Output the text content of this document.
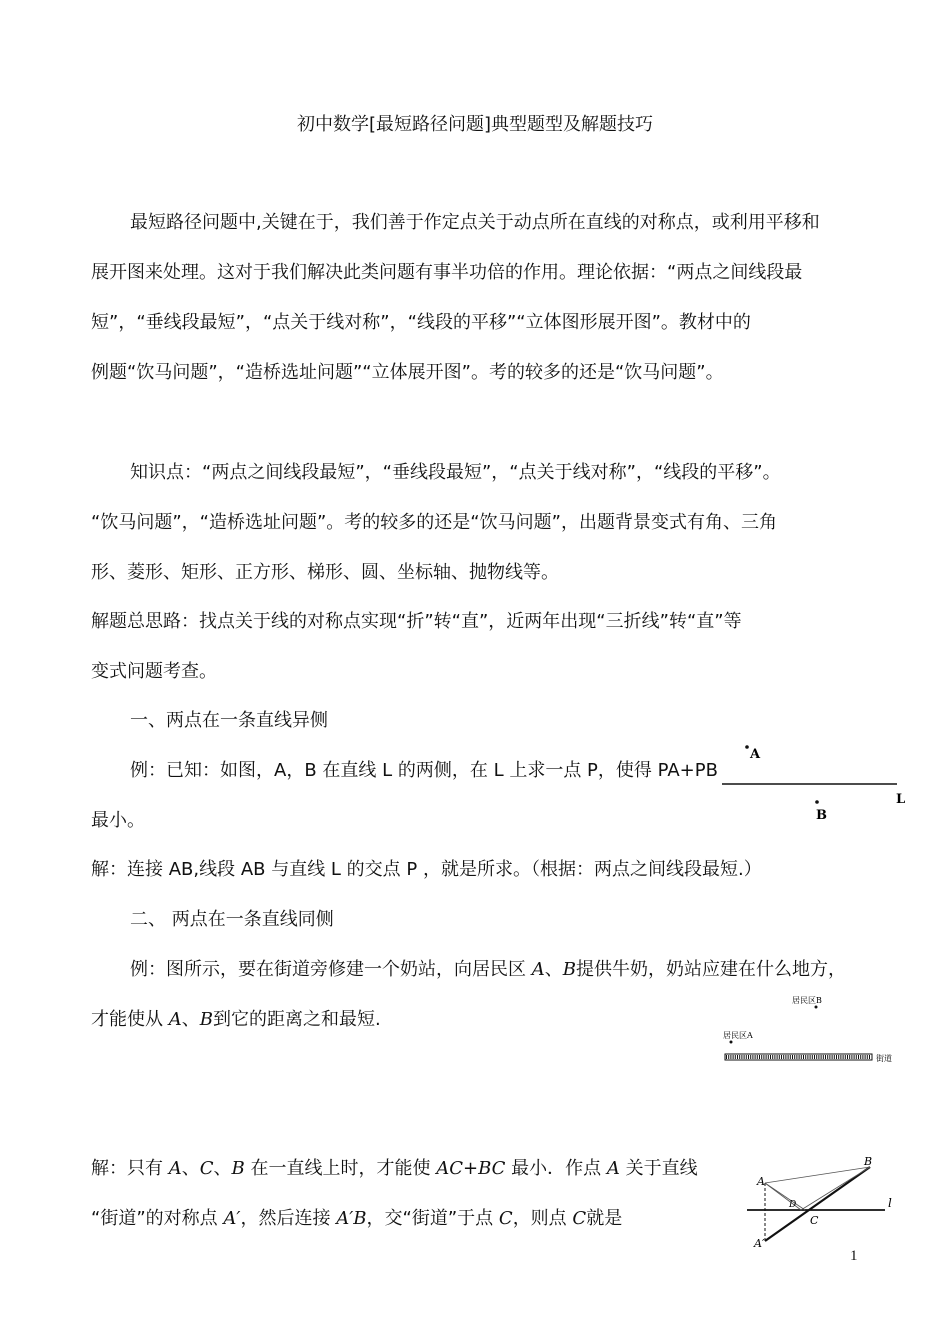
初中数学[最短路径问题]典型题型及解题技巧
最短路径问题中,关键在于，我们善于作定点关于动点所在直线的对称点，或利用平移和
展开图来处理。这对于我们解决此类问题有事半功倍的作用。理论依据：“两点之间线段最
短”，“垂线段最短”，“点关于线对称”，“线段的平移”“立体图形展开图”。教材中的
例题“饮马问题”，“造桥选址问题”“立体展开图”。考的较多的还是“饮马问题”。
知识点：“两点之间线段最短”，“垂线段最短”，“点关于线对称”，“线段的平移”。
“饮马问题”，“造桥选址问题”。考的较多的还是“饮马问题”，出题背景变式有角、三角
形、菱形、矩形、正方形、梯形、圆、坐标轴、抛物线等。
解题总思路：找点关于线的对称点实现“折”转“直”，近两年出现“三折线”转“直”等
变式问题考查。
一、两点在一条直线异侧
例：已知：如图，A，B 在直线 L 的两侧，在 L 上求一点 P，使得 PA+PB
最小。
解：连接 AB,线段 AB 与直线 L 的交点 P ，就是所求。（根据：两点之间线段最短.）
A
L
B
二、 两点在一条直线同侧
例：图所示，要在街道旁修建一个奶站，向居民区 A、B提供牛奶，奶站应建在什么地方，
才能使从 A、B到它的距离之和最短.
居民区B
居民区A
街道
解：只有 A、C、B 在一直线上时，才能使 AC+BC 最小．作点 A 关于直线
“街道”的对称点 A′，然后连接 A′B，交“街道”于点 C，则点 C就是
A
B
D
C
l
A′
1
